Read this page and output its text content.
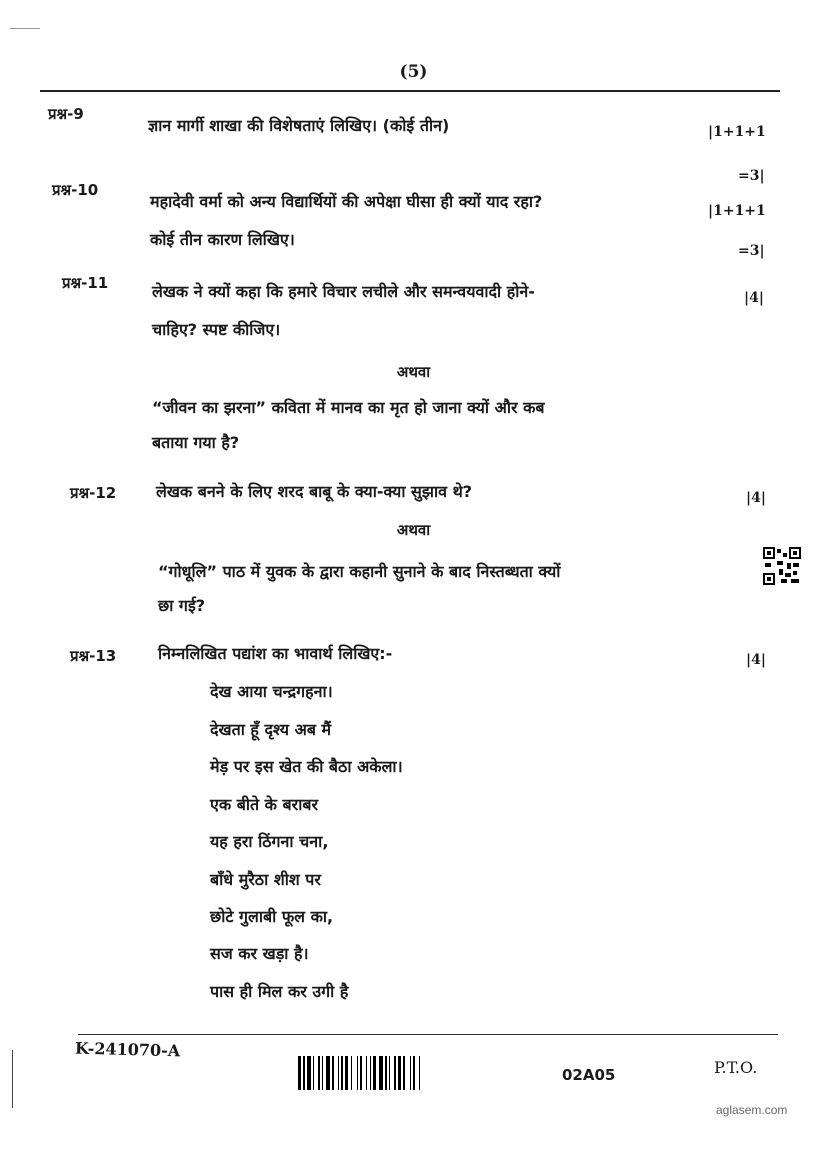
(5)
प्रश्न-9
ज्ञान मार्गी शाखा की विशेषताएं लिखिए। (कोई तीन)	|1+1+1
=3|
प्रश्न-10
महादेवी वर्मा को अन्य विद्यार्थियों की अपेक्षा घीसा ही क्यों याद रहा?
कोई तीन कारण लिखिए।
|1+1+1
=3|
प्रश्न-11	लेखक ने क्यों कहा कि हमारे विचार लचीले और समन्वयवादी होने-
चाहिए? स्पष्ट कीजिए।
|4|
अथवा
“जीवन का झरना” कविता में मानव का मृत हो जाना क्यों और कब
बताया गया है?
प्रश्न-12 लेखक बनने के लिए शरद बाबू के क्या-क्या सुझाव थे?	|4|
अथवा
“गोधूलि” पाठ में युवक के द्वारा कहानी सुनाने के बाद निस्तब्धता क्यों
छा गई?
प्रश्न-13	निम्नलिखित पद्यांश का भावार्थ लिखिए:-	|4|
देख आया चन्द्रगहना।
देखता हूँ दृश्य अब मैं
मेड़ पर इस खेत की बैठा अकेला।
एक बीते के बराबर
यह हरा ठिंगना चना,
बाँधे मुरैठा शीश पर
छोटे गुलाबी फूल का,
सज कर खड़ा है।
पास ही मिल कर उगी है
K-241070-A
02A05	P.T.O.
aglasem.com
